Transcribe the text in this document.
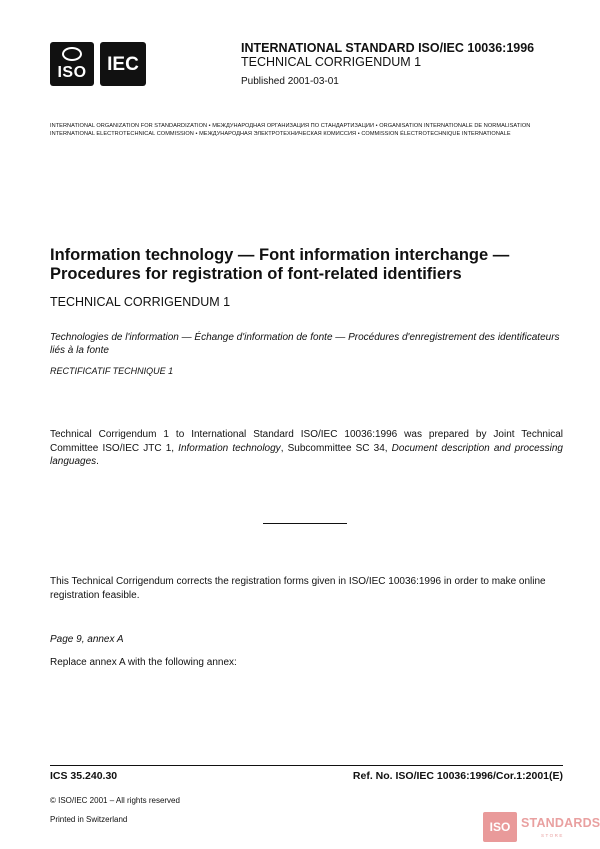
ISO	IEC
INTERNATIONAL STANDARD ISO/IEC 10036:1996
TECHNICAL CORRIGENDUM 1
Published 2001-03-01
INTERNATIONAL ORGANIZATION FOR STANDARDIZATION • МЕЖДУНАРОДНАЯ ОРГАНИЗАЦИЯ ПО СТАНДАРТИЗАЦИИ • ORGANISATION INTERNATIONALE DE NORMALISATION
INTERNATIONAL ELECTROTECHNICAL COMMISSION • МЕЖДУНАРОДНАЯ ЭЛЕКТРОТЕХНИЧЕСКАЯ КОМИССИЯ • COMMISSION ÉLECTROTECHNIQUE INTERNATIONALE
Information technology — Font information interchange —
Procedures for registration of font-related identifiers
TECHNICAL CORRIGENDUM 1
Technologies de l'information — Échange d'information de fonte — Procédures d'enregistrement des identificateurs
liés à la fonte
RECTIFICATIF TECHNIQUE 1
Technical Corrigendum 1 to International Standard ISO/IEC 10036:1996 was prepared by Joint Technical Committee ISO/IEC JTC 1, Information technology, Subcommittee SC 34, Document description and processing languages.
This Technical Corrigendum corrects the registration forms given in ISO/IEC 10036:1996 in order to make online registration feasible.
Page 9, annex A
Replace annex A with the following annex:
ICS 35.240.30	Ref. No. ISO/IEC 10036:1996/Cor.1:2001(E)
© ISO/IEC 2001 – All rights reserved
Printed in Switzerland
ISO STANDARDS
STORE
